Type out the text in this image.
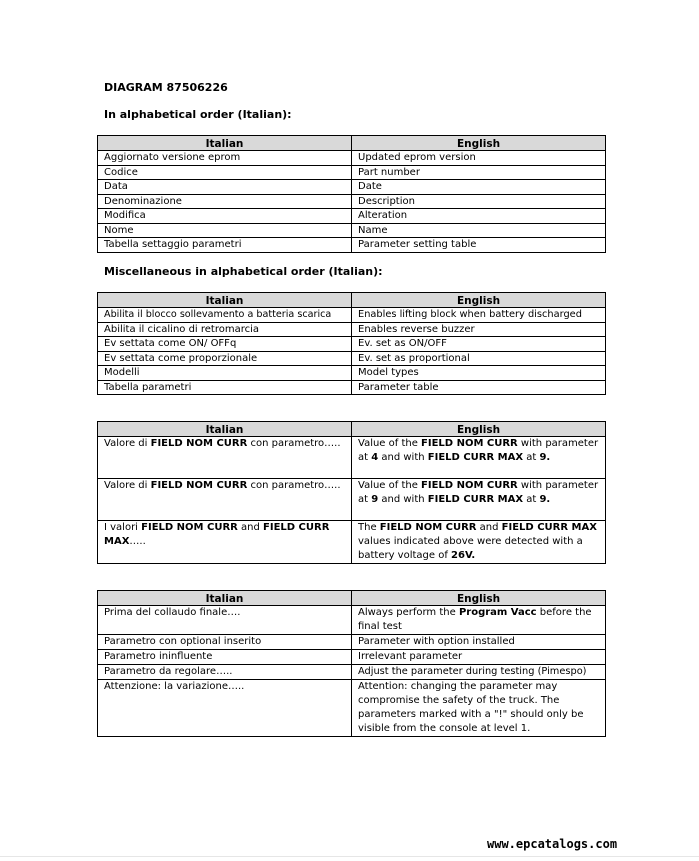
DIAGRAM 87506226

In alphabetical order (Italian):

Italian	English
Aggiornato versione eprom	Updated eprom version
Codice	Part number
Data	Date
Denominazione	Description
Modifica	Alteration
Nome	Name
Tabella settaggio parametri	Parameter setting table

Miscellaneous in alphabetical order (Italian):

Italian	English
Abilita il blocco sollevamento a batteria scarica	Enables lifting block when battery discharged
Abilita il cicalino di retromarcia	Enables reverse buzzer
Ev settata come ON/ OFFq	Ev. set as ON/OFF
Ev settata come proporzionale	Ev. set as proportional
Modelli	Model types
Tabella parametri	Parameter table
Italian	English
Valore di FIELD NOM CURR con parametro…..	Value of the FIELD NOM CURR with parameter at 4 and with FIELD CURR MAX at 9.
Valore di FIELD NOM CURR con parametro…..	Value of the FIELD NOM CURR with parameter at 9 and with FIELD CURR MAX at 9.
I valori FIELD NOM CURR and FIELD CURR MAX…..	The FIELD NOM CURR and FIELD CURR MAX values indicated above were detected with a battery voltage of 26V.
Italian	English
Prima del collaudo finale….	Always perform the Program Vacc before the final test
Parametro con optional inserito	Parameter with option installed
Parametro ininfluente	Irrelevant parameter
Parametro da regolare…..	Adjust the parameter during testing (Pimespo)
Attenzione: la variazione…..	Attention: changing the parameter may compromise the safety of the truck. The parameters marked with a "!" should only be visible from the console at level 1.
www.epcatalogs.com
